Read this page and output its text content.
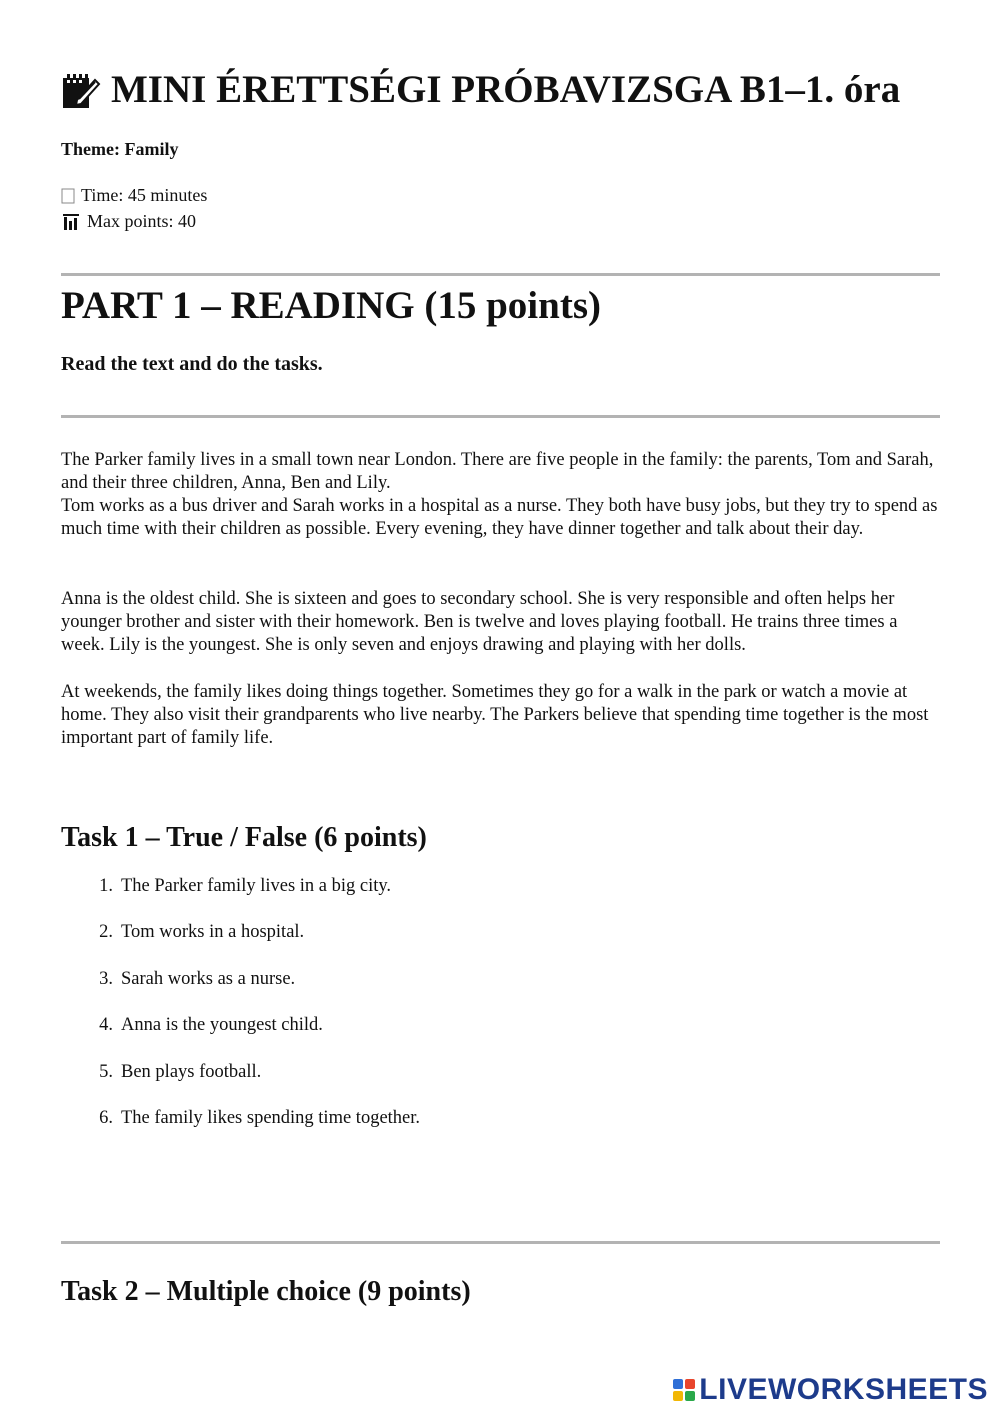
MINI ÉRETTSÉGI PRÓBAVIZSGA B1–1. óra
Theme: Family
Time: 45 minutes
Max points: 40
PART 1 – READING (15 points)
Read the text and do the tasks.
The Parker family lives in a small town near London. There are five people in the family: the parents, Tom and Sarah, and their three children, Anna, Ben and Lily.
Tom works as a bus driver and Sarah works in a hospital as a nurse. They both have busy jobs, but they try to spend as much time with their children as possible. Every evening, they have dinner together and talk about their day.

Anna is the oldest child. She is sixteen and goes to secondary school. She is very responsible and often helps her younger brother and sister with their homework. Ben is twelve and loves playing football. He trains three times a week. Lily is the youngest. She is only seven and enjoys drawing and playing with her dolls.

At weekends, the family likes doing things together. Sometimes they go for a walk in the park or watch a movie at home. They also visit their grandparents who live nearby. The Parkers believe that spending time together is the most important part of family life.

Task 1 – True / False (6 points)
1. The Parker family lives in a big city.
2. Tom works in a hospital.
3. Sarah works as a nurse.
4. Anna is the youngest child.
5. Ben plays football.
6. The family likes spending time together.
Task 2 – Multiple choice (9 points)
LIVEWORKSHEETS
